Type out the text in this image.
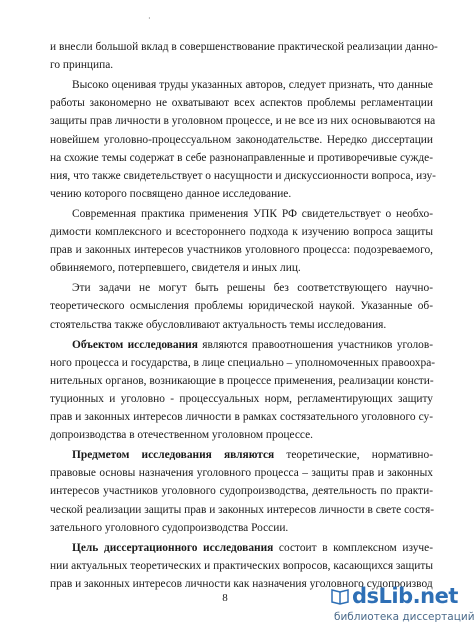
·
и внесли большой вклад в совершенствование практической реализации данно-
го принципа.
Высоко оценивая труды указанных авторов, следует признать, что данные
работы закономерно не охватывают всех аспектов проблемы регламентации
защиты прав личности в уголовном процессе, и не все из них основываются на
новейшем уголовно-процессуальном законодательстве. Нередко диссертации
на схожие темы содержат в себе разнонаправленные и противоречивые сужде-
ния, что также свидетельствует о насущности и дискуссионности вопроса, изу-
чению которого посвящено данное исследование.
Современная практика применения УПК РФ свидетельствует о необхо-
димости комплексного и всестороннего подхода к изучению вопроса защиты
прав и законных интересов участников уголовного процесса: подозреваемого,
обвиняемого, потерпевшего, свидетеля и иных лиц.
Эти задачи не могут быть решены без соответствующего научно-
теоретического осмысления проблемы юридической наукой. Указанные об-
стоятельства также обусловливают актуальность темы исследования.
Объектом исследования являются правоотношения участников уголов-
ного процесса и государства, в лице специально – уполномоченных правоохра-
нительных органов, возникающие в процессе применения, реализации консти-
туционных и уголовно - процессуальных норм, регламентирующих защиту
прав и законных интересов личности в рамках состязательного уголовного су-
допроизводства в отечественном уголовном процессе.
Предметом исследования являются теоретические, нормативно-
правовые основы назначения уголовного процесса – защиты прав и законных
интересов участников уголовного судопроизводства, деятельность по практи-
ческой реализации защиты прав и законных интересов личности в свете состя-
зательного уголовного судопроизводства России.
Цель диссертационного исследования состоит в комплексном изуче-
нии актуальных теоретических и практических вопросов, касающихся защиты
прав и законных интересов личности как назначения уголовного судопроизвод
8	dsLib.net
библиотека диссертаций
